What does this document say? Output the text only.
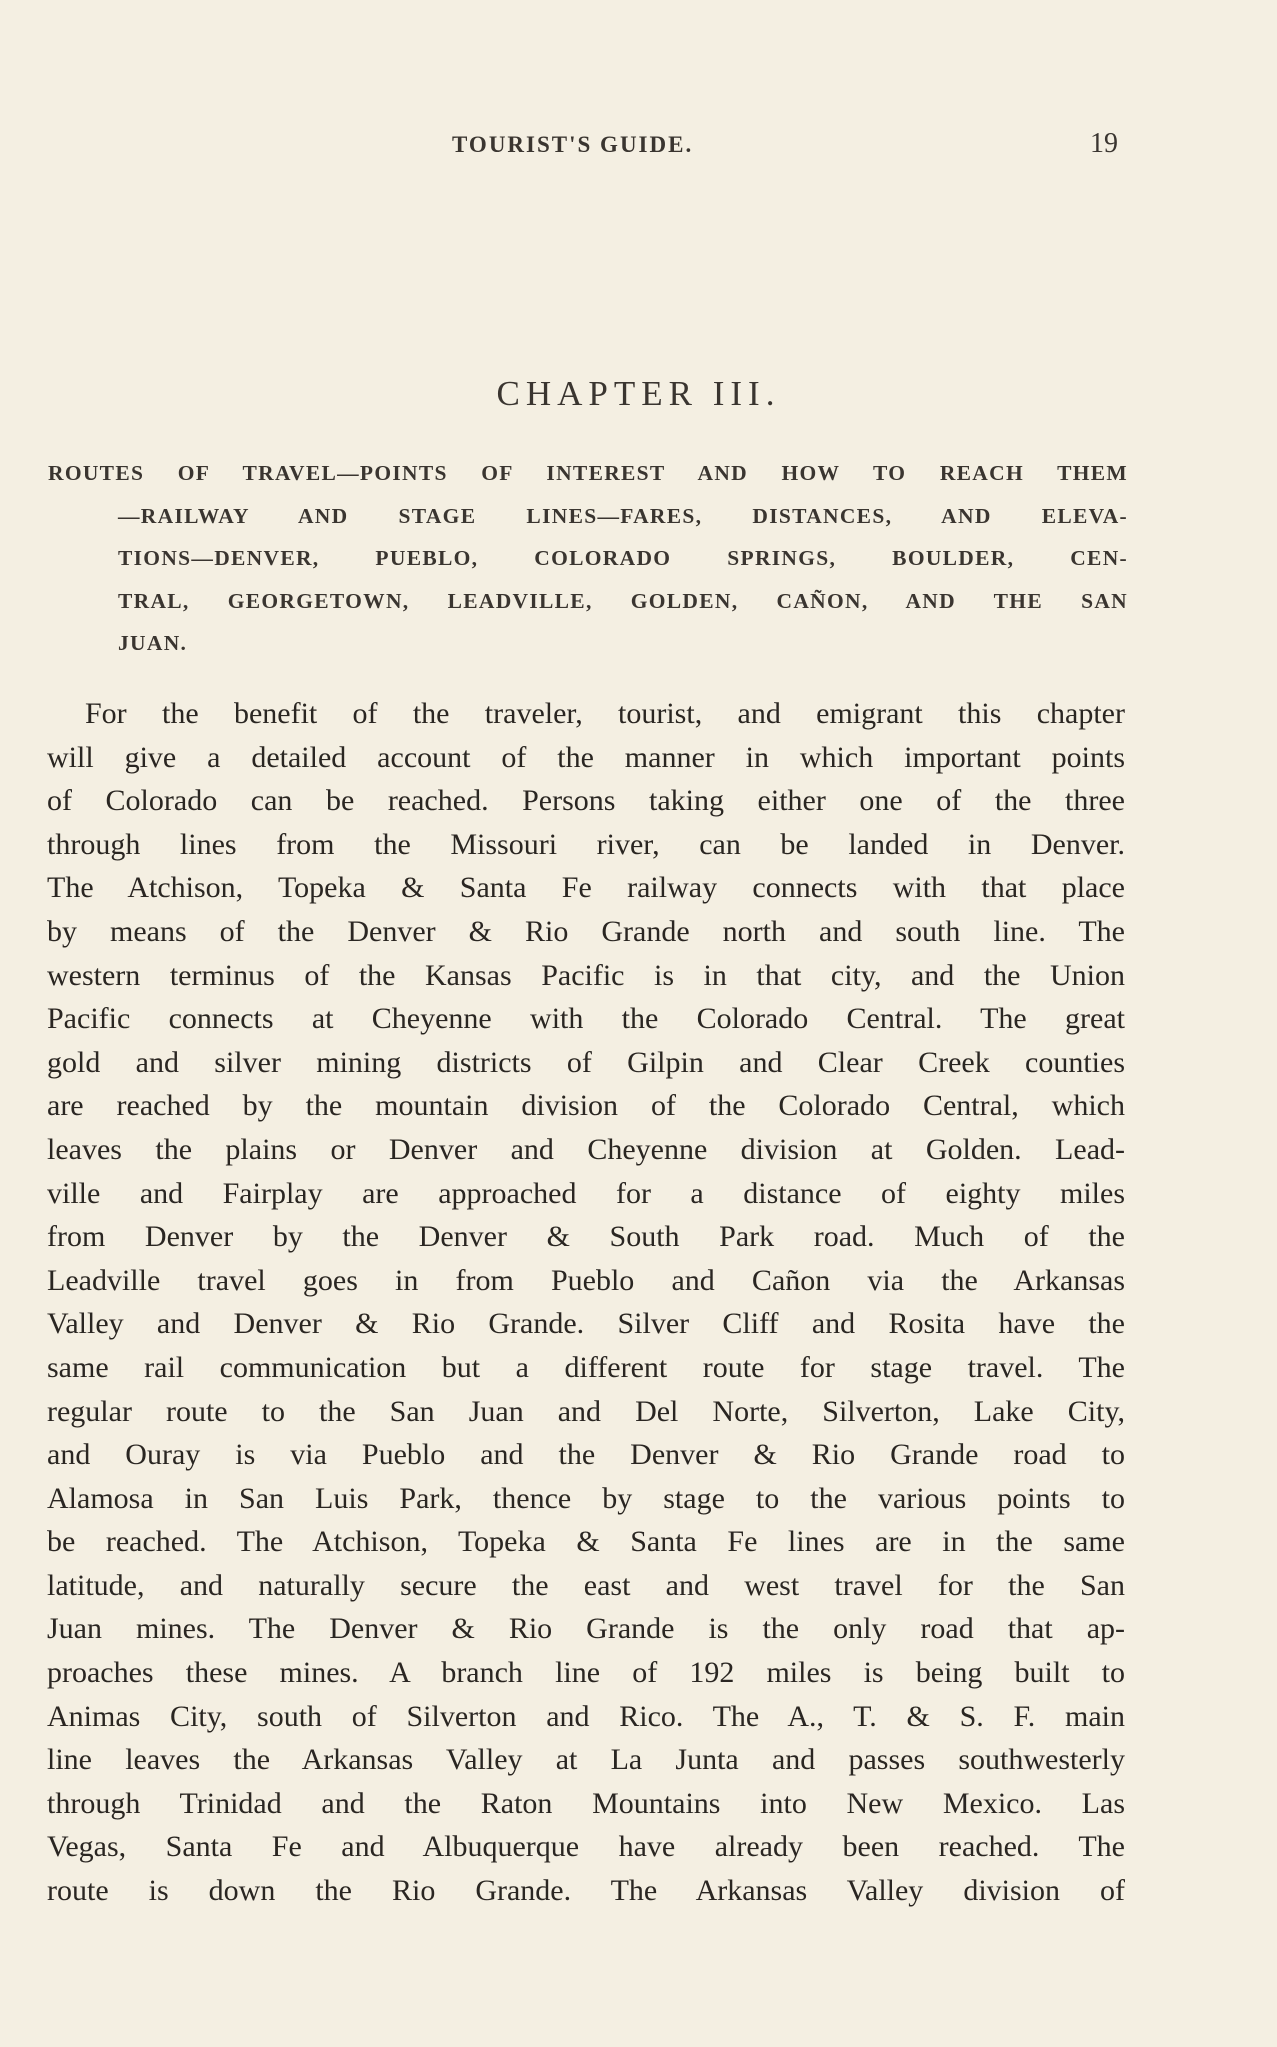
TOURIST'S GUIDE.	19
CHAPTER III.
ROUTES OF TRAVEL—POINTS OF INTEREST AND HOW TO REACH THEM
—RAILWAY AND STAGE LINES—FARES, DISTANCES, AND ELEVA-
TIONS—DENVER, PUEBLO, COLORADO SPRINGS, BOULDER, CEN-
TRAL, GEORGETOWN, LEADVILLE, GOLDEN, CAÑON, AND THE SAN
JUAN.
For the benefit of the traveler, tourist, and emigrant this chapter
will give a detailed account of the manner in which important points
of Colorado can be reached. Persons taking either one of the three
through lines from the Missouri river, can be landed in Denver.
The Atchison, Topeka & Santa Fe railway connects with that place
by means of the Denver & Rio Grande north and south line. The
western terminus of the Kansas Pacific is in that city, and the Union
Pacific connects at Cheyenne with the Colorado Central. The great
gold and silver mining districts of Gilpin and Clear Creek counties
are reached by the mountain division of the Colorado Central, which
leaves the plains or Denver and Cheyenne division at Golden. Lead-
ville and Fairplay are approached for a distance of eighty miles
from Denver by the Denver & South Park road. Much of the
Leadville travel goes in from Pueblo and Cañon via the Arkansas
Valley and Denver & Rio Grande. Silver Cliff and Rosita have the
same rail communication but a different route for stage travel. The
regular route to the San Juan and Del Norte, Silverton, Lake City,
and Ouray is via Pueblo and the Denver & Rio Grande road to
Alamosa in San Luis Park, thence by stage to the various points to
be reached. The Atchison, Topeka & Santa Fe lines are in the same
latitude, and naturally secure the east and west travel for the San
Juan mines. The Denver & Rio Grande is the only road that ap-
proaches these mines. A branch line of 192 miles is being built to
Animas City, south of Silverton and Rico. The A., T. & S. F. main
line leaves the Arkansas Valley at La Junta and passes southwesterly
through Trinidad and the Raton Mountains into New Mexico. Las
Vegas, Santa Fe and Albuquerque have already been reached. The
route is down the Rio Grande. The Arkansas Valley division of
